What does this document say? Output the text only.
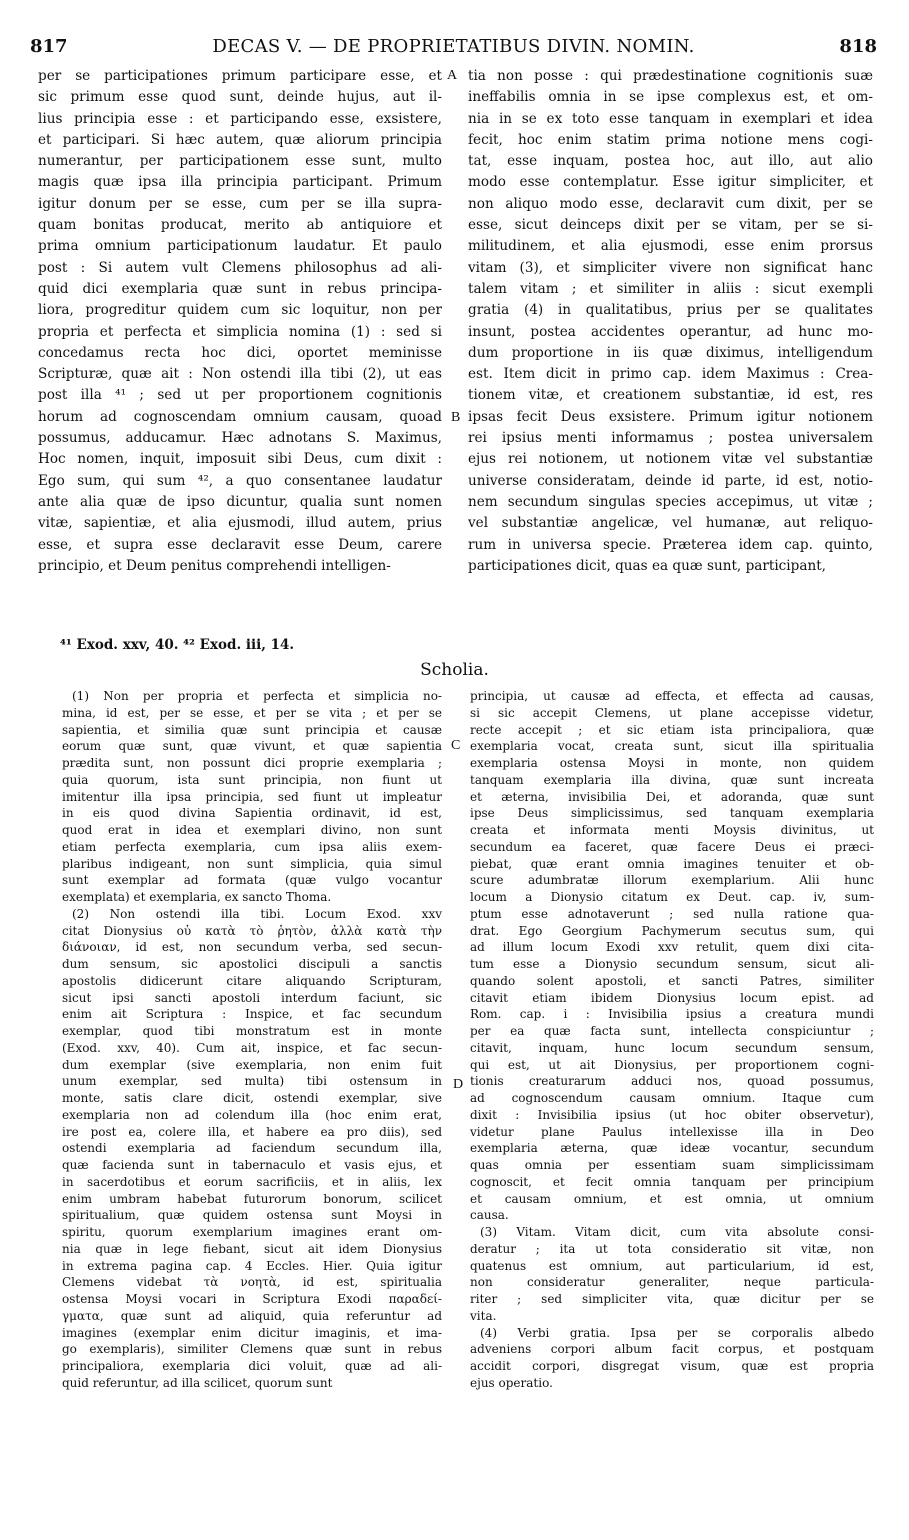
817	DECAS V. — DE PROPRIETATIBUS DIVIN. NOMIN.	818
per se participationes primum participare esse, et
sic primum esse quod sunt, deinde hujus, aut il-
lius principia esse : et participando esse, exsistere,
et participari. Si hæc autem, quæ aliorum principia
numerantur, per participationem esse sunt, multo
magis quæ ipsa illa principia participant. Primum
igitur donum per se esse, cum per se illa supra-
quam bonitas producat, merito ab antiquiore et
prima omnium participationum laudatur. Et paulo
post : Si autem vult Clemens philosophus ad ali-
quid dici exemplaria quæ sunt in rebus principa-
liora, progreditur quidem cum sic loquitur, non per
propria et perfecta et simplicia nomina (1) : sed si
concedamus recta hoc dici, oportet meminisse
Scripturæ, quæ ait : Non ostendi illa tibi (2), ut eas
post illa ⁴¹ ; sed ut per proportionem cognitionis
horum ad cognoscendam omnium causam, quoad
possumus, adducamur. Hæc adnotans S. Maximus,
Hoc nomen, inquit, imposuit sibi Deus, cum dixit :
Ego sum, qui sum ⁴², a quo consentanee laudatur
ante alia quæ de ipso dicuntur, qualia sunt nomen
vitæ, sapientiæ, et alia ejusmodi, illud autem, prius
esse, et supra esse declaravit esse Deum, carere
principio, et Deum penitus comprehendi intelligen-
tia non posse : qui prædestinatione cognitionis suæ
ineffabilis omnia in se ipse complexus est, et om-
nia in se ex toto esse tanquam in exemplari et idea
fecit, hoc enim statim prima notione mens cogi-
tat, esse inquam, postea hoc, aut illo, aut alio
modo esse contemplatur. Esse igitur simpliciter, et
non aliquo modo esse, declaravit cum dixit, per se
esse, sicut deinceps dixit per se vitam, per se si-
militudinem, et alia ejusmodi, esse enim prorsus
vitam (3), et simpliciter vivere non significat hanc
talem vitam ; et similiter in aliis : sicut exempli
gratia (4) in qualitatibus, prius per se qualitates
insunt, postea accidentes operantur, ad hunc mo-
dum proportione in iis quæ diximus, intelligendum
est. Item dicit in primo cap. idem Maximus : Crea-
tionem vitæ, et creationem substantiæ, id est, res
ipsas fecit Deus exsistere. Primum igitur notionem
rei ipsius menti informamus ; postea universalem
ejus rei notionem, ut notionem vitæ vel substantiæ
universe consideratam, deinde id parte, id est, notio-
nem secundum singulas species accepimus, ut vitæ ;
vel substantiæ angelicæ, vel humanæ, aut reliquo-
rum in universa specie. Præterea idem cap. quinto,
participationes dicit, quas ea quæ sunt, participant,
A
B
C
D
⁴¹ Exod. xxv, 40. ⁴² Exod. iii, 14.
Scholia.
(1) Non per propria et perfecta et simplicia no-
mina, id est, per se esse, et per se vita ; et per se
sapientia, et similia quæ sunt principia et causæ
eorum quæ sunt, quæ vivunt, et quæ sapientia
prædita sunt, non possunt dici proprie exemplaria ;
quia quorum, ista sunt principia, non fiunt ut
imitentur illa ipsa principia, sed fiunt ut impleatur
in eis quod divina Sapientia ordinavit, id est,
quod erat in idea et exemplari divino, non sunt
etiam perfecta exemplaria, cum ipsa aliis exem-
plaribus indigeant, non sunt simplicia, quia simul
sunt exemplar ad formata (quæ vulgo vocantur
exemplata) et exemplaria, ex sancto Thoma.
(2) Non ostendi illa tibi. Locum Exod. xxv
citat Dionysius οὐ κατὰ τὸ ῥητὸν, ἀλλὰ κατὰ τὴν
διάνοιαν, id est, non secundum verba, sed secun-
dum sensum, sic apostolici discipuli a sanctis
apostolis didicerunt citare aliquando Scripturam,
sicut ipsi sancti apostoli interdum faciunt, sic
enim ait Scriptura : Inspice, et fac secundum
exemplar, quod tibi monstratum est in monte
(Exod. xxv, 40). Cum ait, inspice, et fac secun-
dum exemplar (sive exemplaria, non enim fuit
unum exemplar, sed multa) tibi ostensum in
monte, satis clare dicit, ostendi exemplar, sive
exemplaria non ad colendum illa (hoc enim erat,
ire post ea, colere illa, et habere ea pro diis), sed
ostendi exemplaria ad faciendum secundum illa,
quæ facienda sunt in tabernaculo et vasis ejus, et
in sacerdotibus et eorum sacrificiis, et in aliis, lex
enim umbram habebat futurorum bonorum, scilicet
spiritualium, quæ quidem ostensa sunt Moysi in
spiritu, quorum exemplarium imagines erant om-
nia quæ in lege fiebant, sicut ait idem Dionysius
in extrema pagina cap. 4 Eccles. Hier. Quia igitur
Clemens videbat τὰ νοητὰ, id est, spiritualia
ostensa Moysi vocari in Scriptura Exodi παραδεί-
γματα, quæ sunt ad aliquid, quia referuntur ad
imagines (exemplar enim dicitur imaginis, et ima-
go exemplaris), similiter Clemens quæ sunt in rebus
principaliora, exemplaria dici voluit, quæ ad ali-
quid referuntur, ad illa scilicet, quorum sunt
principia, ut causæ ad effecta, et effecta ad causas,
si sic accepit Clemens, ut plane accepisse videtur,
recte accepit ; et sic etiam ista principaliora, quæ
exemplaria vocat, creata sunt, sicut illa spiritualia
exemplaria ostensa Moysi in monte, non quidem
tanquam exemplaria illa divina, quæ sunt increata
et æterna, invisibilia Dei, et adoranda, quæ sunt
ipse Deus simplicissimus, sed tanquam exemplaria
creata et informata menti Moysis divinitus, ut
secundum ea faceret, quæ facere Deus ei præci-
piebat, quæ erant omnia imagines tenuiter et ob-
scure adumbratæ illorum exemplarium. Alii hunc
locum a Dionysio citatum ex Deut. cap. iv, sum-
ptum esse adnotaverunt ; sed nulla ratione qua-
drat. Ego Georgium Pachymerum secutus sum, qui
ad illum locum Exodi xxv retulit, quem dixi cita-
tum esse a Dionysio secundum sensum, sicut ali-
quando solent apostoli, et sancti Patres, similiter
citavit etiam ibidem Dionysius locum epist. ad
Rom. cap. i : Invisibilia ipsius a creatura mundi
per ea quæ facta sunt, intellecta conspiciuntur ;
citavit, inquam, hunc locum secundum sensum,
qui est, ut ait Dionysius, per proportionem cogni-
tionis creaturarum adduci nos, quoad possumus,
ad cognoscendum causam omnium. Itaque cum
dixit : Invisibilia ipsius (ut hoc obiter observetur),
videtur plane Paulus intellexisse illa in Deo
exemplaria æterna, quæ ideæ vocantur, secundum
quas omnia per essentiam suam simplicissimam
cognoscit, et fecit omnia tanquam per principium
et causam omnium, et est omnia, ut omnium
causa.
(3) Vitam. Vitam dicit, cum vita absolute consi-
deratur ; ita ut tota consideratio sit vitæ, non
quatenus est omnium, aut particularium, id est,
non consideratur generaliter, neque particula-
riter ; sed simpliciter vita, quæ dicitur per se
vita.
(4) Verbi gratia. Ipsa per se corporalis albedo
adveniens corpori album facit corpus, et postquam
accidit corpori, disgregat visum, quæ est propria
ejus operatio.
